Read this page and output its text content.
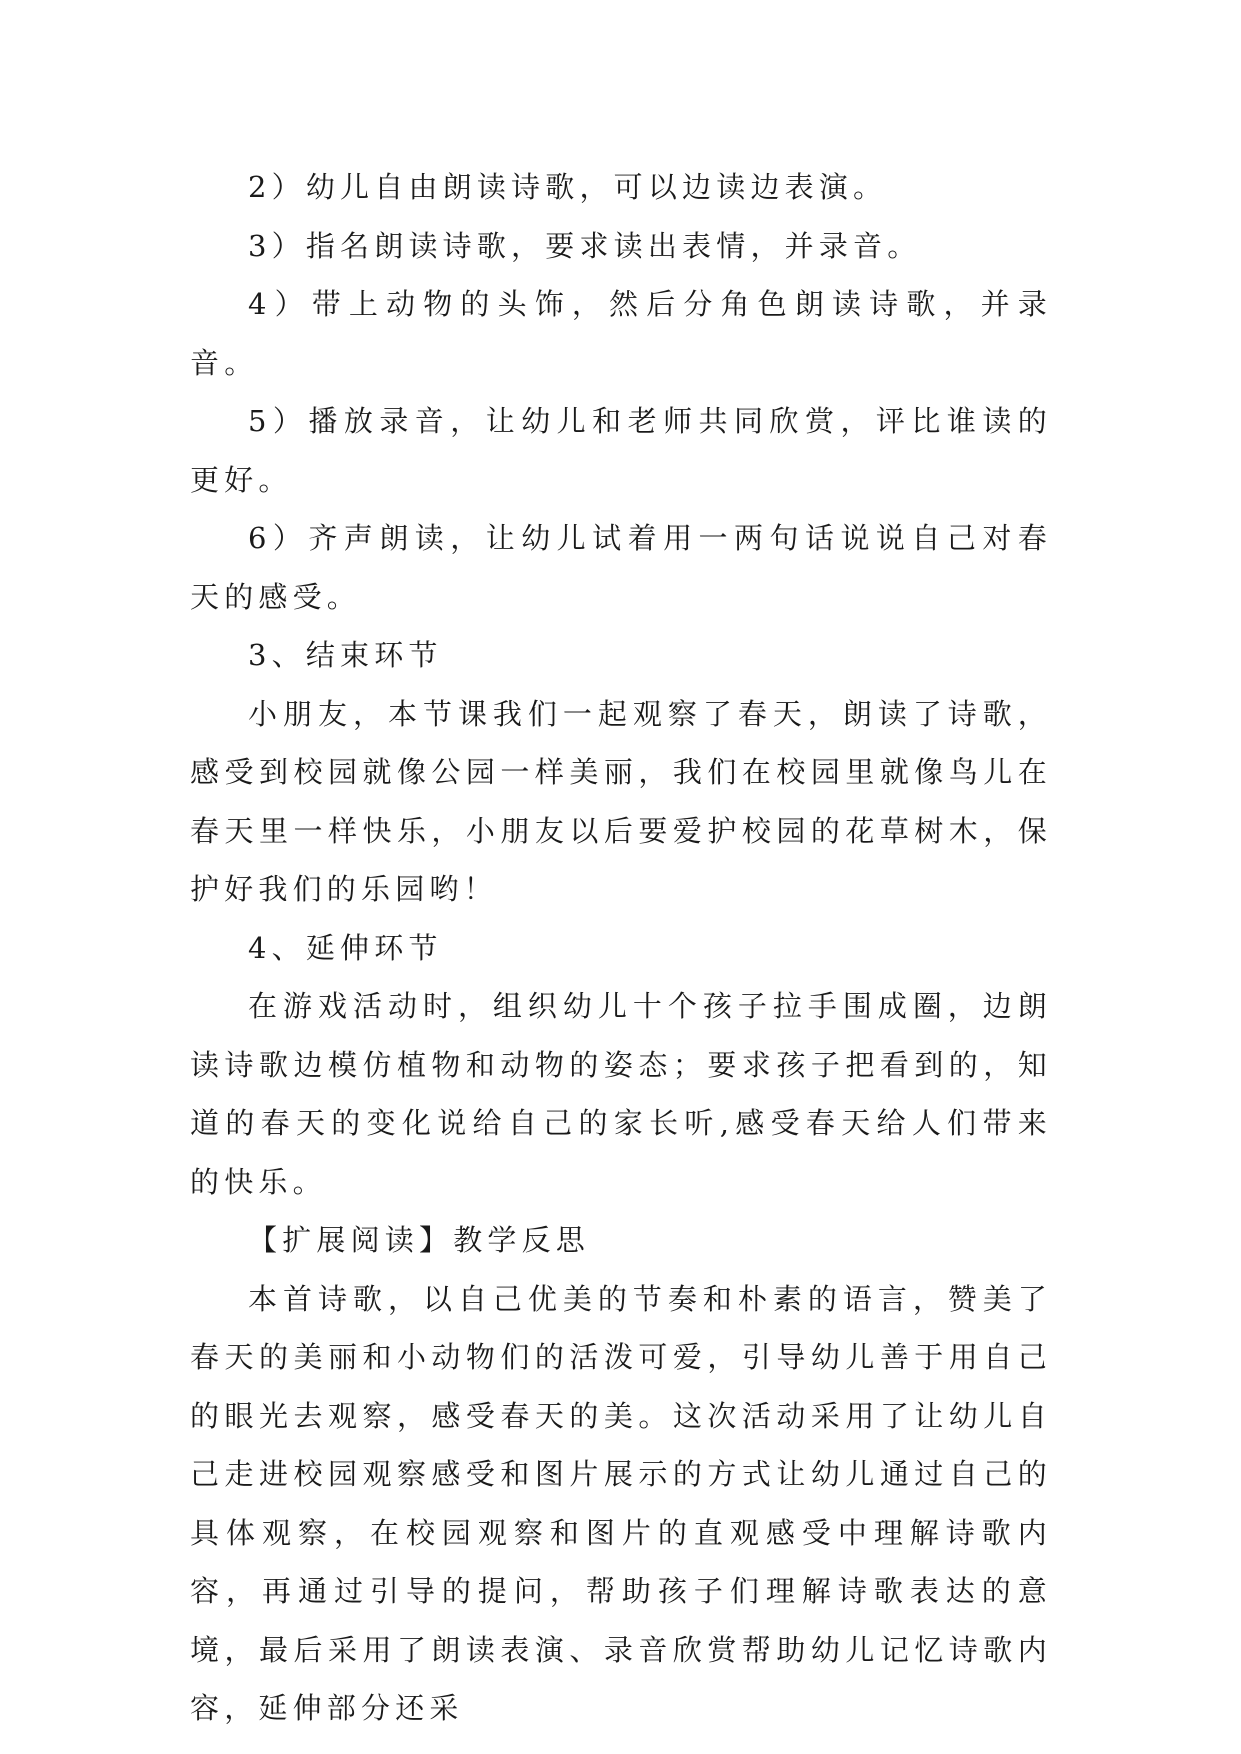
2）幼儿自由朗读诗歌，可以边读边表演。

3）指名朗读诗歌，要求读出表情，并录音。

4）带上动物的头饰，然后分角色朗读诗歌，并录音。

5）播放录音，让幼儿和老师共同欣赏，评比谁读的更好。

6）齐声朗读，让幼儿试着用一两句话说说自己对春天的感受。

3、结束环节

小朋友，本节课我们一起观察了春天，朗读了诗歌，感受到校园就像公园一样美丽，我们在校园里就像鸟儿在春天里一样快乐，小朋友以后要爱护校园的花草树木，保护好我们的乐园哟！

4、延伸环节

在游戏活动时，组织幼儿十个孩子拉手围成圈，边朗读诗歌边模仿植物和动物的姿态；要求孩子把看到的，知道的春天的变化说给自己的家长听,感受春天给人们带来的快乐。

【扩展阅读】教学反思

本首诗歌，以自己优美的节奏和朴素的语言，赞美了春天的美丽和小动物们的活泼可爱，引导幼儿善于用自己的眼光去观察，感受春天的美。这次活动采用了让幼儿自己走进校园观察感受和图片展示的方式让幼儿通过自己的具体观察，在校园观察和图片的直观感受中理解诗歌内容，再通过引导的提问，帮助孩子们理解诗歌表达的意境，最后采用了朗读表演、录音欣赏帮助幼儿记忆诗歌内容，延伸部分还采
